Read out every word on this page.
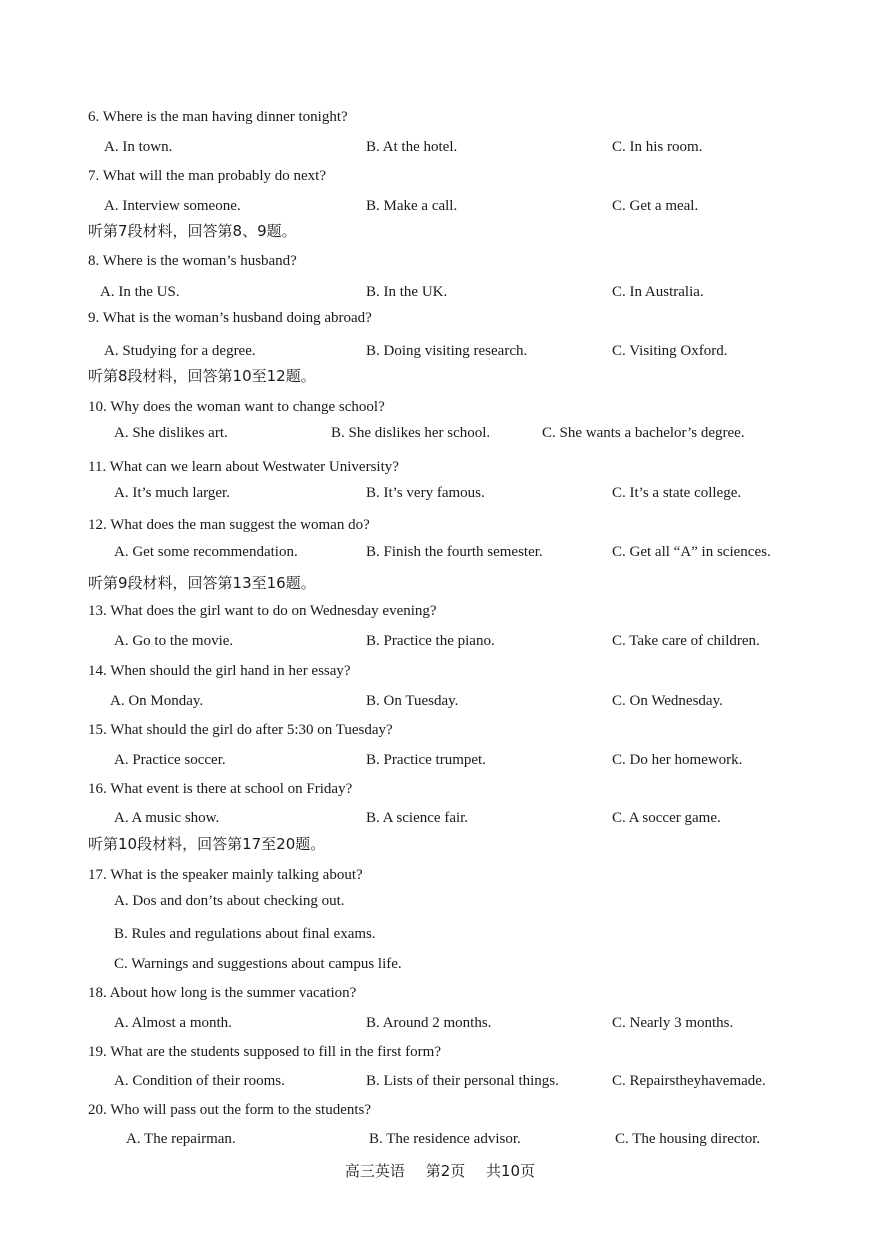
6. Where is the man having dinner tonight?
A. In town.	B. At the hotel.	C. In his room.
7. What will the man probably do next?
A. Interview someone.	B. Make a call.	C. Get a meal.
听第7段材料，回答第8、9题。
8. Where is the woman’s husband?
A. In the US.	B. In the UK.	C. In Australia.
9. What is the woman’s husband doing abroad?
A. Studying for a degree.	B. Doing visiting research.	C. Visiting Oxford.
听第8段材料，回答第10至12题。
10. Why does the woman want to change school?
A. She dislikes art.	B. She dislikes her school.	C. She wants a bachelor’s degree.
11. What can we learn about Westwater University?
A. It’s much larger.	B. It’s very famous.	C. It’s a state college.
12. What does the man suggest the woman do?
A. Get some recommendation.	B. Finish the fourth semester.	C. Get all “A” in sciences.
听第9段材料，回答第13至16题。
13. What does the girl want to do on Wednesday evening?
A. Go to the movie.	B. Practice the piano.	C. Take care of children.
14. When should the girl hand in her essay?
A. On Monday.	B. On Tuesday.	C. On Wednesday.
15. What should the girl do after 5:30 on Tuesday?
A. Practice soccer.	B. Practice trumpet.	C. Do her homework.
16. What event is there at school on Friday?
A. A music show.	B. A science fair.	C. A soccer game.
听第10段材料，回答第17至20题。
17. What is the speaker mainly talking about?
A. Dos and don’ts about checking out.
B. Rules and regulations about final exams.
C. Warnings and suggestions about campus life.
18. About how long is the summer vacation?
A. Almost a month.	B. Around 2 months.	C. Nearly 3 months.
19. What are the students supposed to fill in the first form?
A. Condition of their rooms.	B. Lists of their personal things.	C. Repairstheyhavemade.
20. Who will pass out the form to the students?
A. The repairman.	B. The residence advisor.	C. The housing director.
高三英语 第2页 共10页
